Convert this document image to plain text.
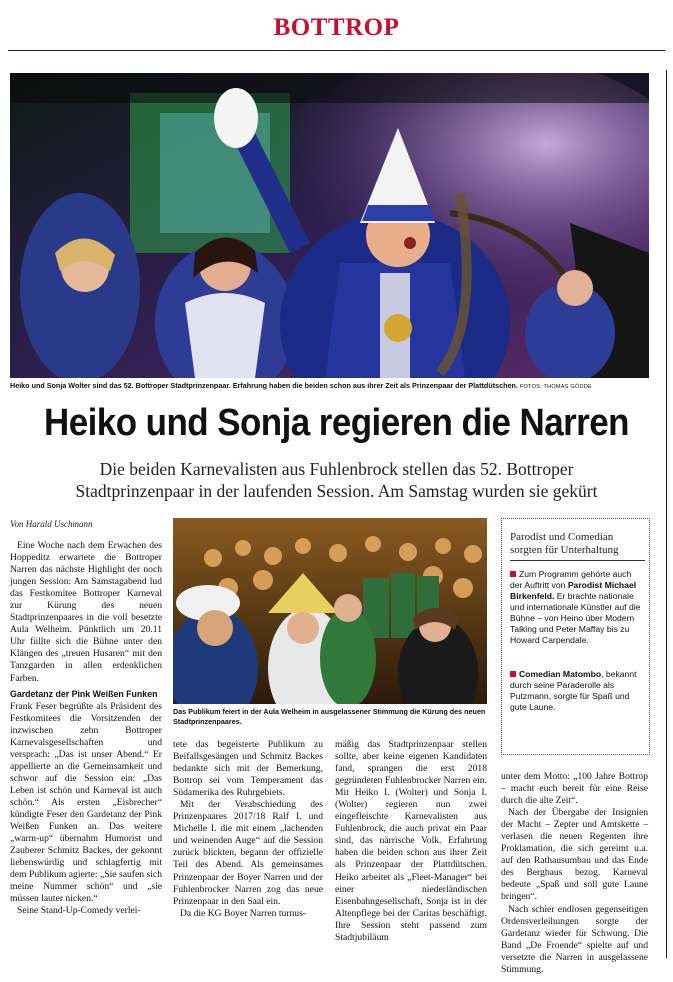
BOTTROP
Heiko und Sonja Wolter sind das 52. Bottroper Stadtprinzenpaar. Erfahrung haben die beiden schon aus ihrer Zeit als Prinzenpaar der Plattdütschen. FOTOS: THOMAS GÖDDE
Heiko und Sonja regieren die Narren
Die beiden Karnevalisten aus Fuhlenbrock stellen das 52. Bottroper
Stadtprinzenpaar in der laufenden Session. Am Samstag wurden sie gekürt
Von Harald Uschmann

Eine Woche nach dem Erwachen des Hoppeditz erwartete die Bottroper Narren das nächste Highlight der noch jungen Session: Am Samstagabend lud das Festkomitee Bottroper Karneval zur Kürung des neuen Stadtprinzenpaares in die voll besetzte Aula Welheim. Pünktlich um 20.11 Uhr füllte sich die Bühne unter den Klängen des „treuen Husaren“ mit den Tanzgarden in allen erdenklichen Farben.

Gardetanz der Pink Weißen Funken

Frank Feser begrüßte als Präsident des Festkomitees die Vorsitzenden der inzwischen zehn Bottroper Karnevalsgesellschaften und versprach: „Das ist unser Abend.“ Er appellierte an die Gemeinsamkeit und schwor auf die Session ein: „Das Leben ist schön und Karneval ist auch schön.“ Als ersten „Eisbrecher“ kündigte Feser den Gardetanz der Pink Weißen Funken an. Das weitere „warm-up“ übernahm Humorist und Zauberer Schmitz Backes, der gekonnt liebenswürdig und schlagfertig mit dem Publikum agierte: „Sie saufen sich meine Nummer schön“ und „sie müssen lauter nicken.“

Seine Stand-Up-Comedy verlei-

Das Publikum feiert in der Aula Welheim in ausgelassener Stimmung die Kürung des neuen Stadtprinzenpaares.

tete das begeisterte Publikum zu Beifallsgesängen und Schmitz Backes bedankte sich mit der Bemerkung, Bottrop sei vom Temperament das Südamerika des Ruhrgebiets.

Mit der Verabschiedung des Prinzenpaares 2017/18 Ralf I. und Michelle I. die mit einem „lachenden und weinenden Auge“ auf die Session zurück blickten, begann der offizielle Teil des Abend. Als gemeinsames Prinzenpaar der Boyer Narren und der Fuhlenbrocker Narren zog das neue Prinzenpaar in den Saal ein.

Da die KG Boyer Narren turnus-

mäßig das Stadtprinzenpaar stellen sollte, aber keine eigenen Kandidaten fand, sprangen die erst 2018 gegründeten Fuhlenbrocker Narren ein. Mit Heiko I. (Wolter) und Sonja I.(Wolter) regieren nun zwei eingefleischte Karnevalisten aus Fuhlenbrock, die auch privat ein Paar sind, das närrische Volk. Erfahrung haben die beiden schon aus ihrer Zeit als Prinzenpaar der Plattdütschen. Heiko arbeitet als „Fleet-Manager“ bei einer niederländischen Eisenbahngesellschaft, Sonja ist in der Altenpflege bei der Caritas beschäftigt. Ihre Session steht passend zum Stadtjubiläum

Parodist und Comedian sorgten für Unterhaltung
Zum Programm gehörte auch der Auftritt von Parodist Michael Birkenfeld. Er brachte nationale und internationale Künstler auf die Bühne – von Heino über Modern Talking und Peter Maffay bis zu Howard Carpendale.
Comedian Matombo, bekannt durch seine Paraderolle als Putzmann, sorgte für Spaß und gute Laune.

unter dem Motto: „100 Jahre Bottrop – macht euch bereit für eine Reise durch die alte Zeit“.

Nach der Übergabe der Insignien der Macht – Zepter und Amtskette – verlasen die neuen Regenten ihre Proklamation, die sich gereimt u.a. auf den Rathausumbau und das Ende des Bergbaus bezog. Karneval bedeute „Spaß und soll gute Laune bringen“.

Nach schier endlosen gegenseitigen Ordensverleihungen sorgte der Gardetanz wieder für Schwung. Die Band „De Froende“ spielte auf und versetzte die Narren in ausgelassene Stimmung.
